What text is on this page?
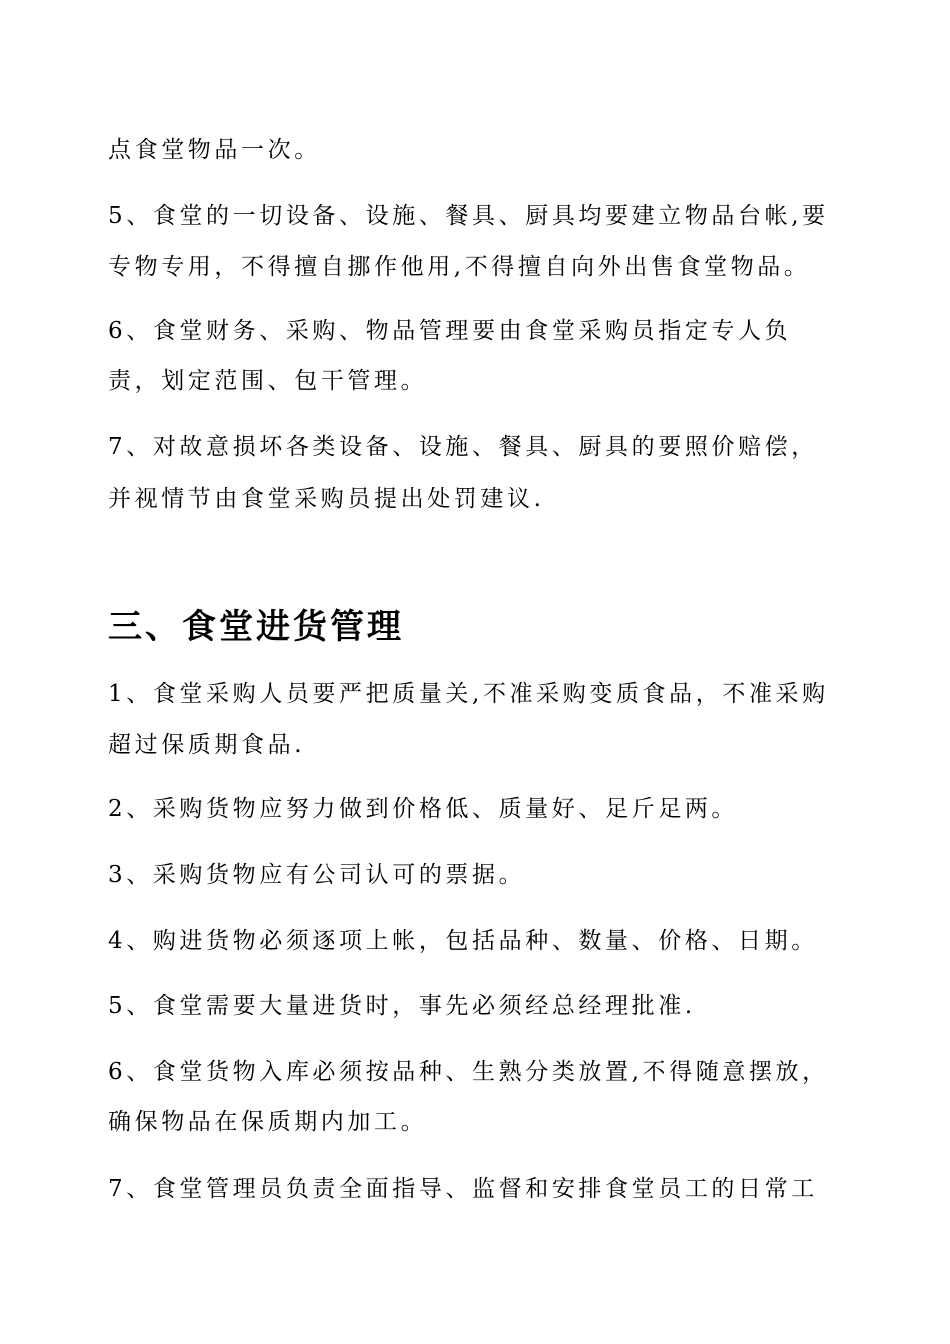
点食堂物品一次。
5、食堂的一切设备、设施、餐具、厨具均要建立物品台帐,要
专物专用，不得擅自挪作他用,不得擅自向外出售食堂物品。
6、食堂财务、采购、物品管理要由食堂采购员指定专人负
责，划定范围、包干管理。
7、对故意损坏各类设备、设施、餐具、厨具的要照价赔偿，
并视情节由食堂采购员提出处罚建议.
三、食堂进货管理
1、食堂采购人员要严把质量关,不准采购变质食品，不准采购
超过保质期食品.
2、采购货物应努力做到价格低、质量好、足斤足两。
3、采购货物应有公司认可的票据。
4、购进货物必须逐项上帐，包括品种、数量、价格、日期。
5、食堂需要大量进货时，事先必须经总经理批准.
6、食堂货物入库必须按品种、生熟分类放置,不得随意摆放，
确保物品在保质期内加工。
7、食堂管理员负责全面指导、监督和安排食堂员工的日常工
